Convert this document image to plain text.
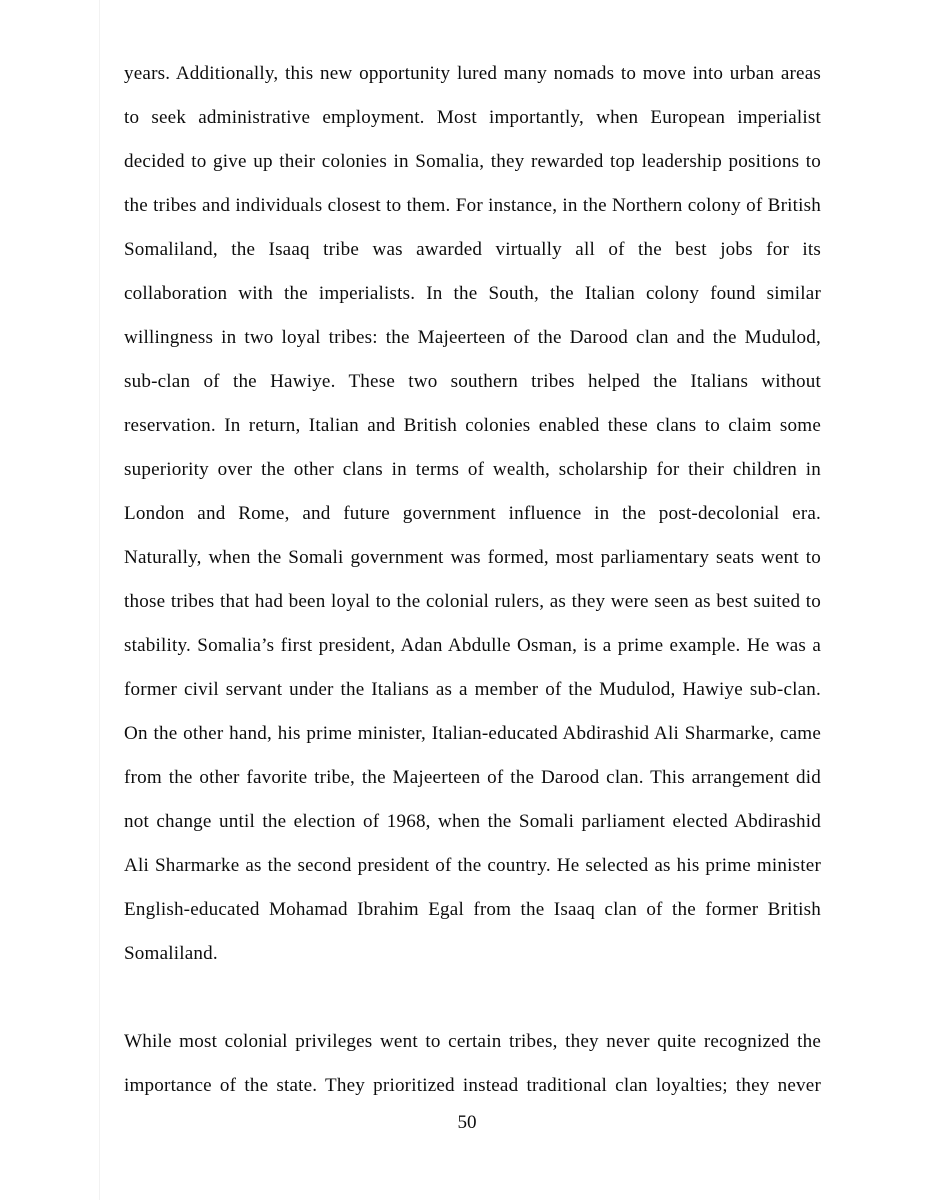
years. Additionally, this new opportunity lured many nomads to move into urban areas to seek administrative employment. Most importantly, when European imperialist decided to give up their colonies in Somalia, they rewarded top leadership positions to the tribes and individuals closest to them. For instance, in the Northern colony of British Somaliland, the Isaaq tribe was awarded virtually all of the best jobs for its collaboration with the imperialists. In the South, the Italian colony found similar willingness in two loyal tribes: the Majeerteen of the Darood clan and the Mudulod, sub-clan of the Hawiye. These two southern tribes helped the Italians without reservation. In return, Italian and British colonies enabled these clans to claim some superiority over the other clans in terms of wealth, scholarship for their children in London and Rome, and future government influence in the post-decolonial era. Naturally, when the Somali government was formed, most parliamentary seats went to those tribes that had been loyal to the colonial rulers, as they were seen as best suited to stability. Somalia’s first president, Adan Abdulle Osman, is a prime example. He was a former civil servant under the Italians as a member of the Mudulod, Hawiye sub-clan. On the other hand, his prime minister, Italian-educated Abdirashid Ali Sharmarke, came from the other favorite tribe, the Majeerteen of the Darood clan. This arrangement did not change until the election of 1968, when the Somali parliament elected Abdirashid Ali Sharmarke as the second president of the country. He selected as his prime minister English-educated Mohamad Ibrahim Egal from the Isaaq clan of the former British Somaliland.

While most colonial privileges went to certain tribes, they never quite recognized the importance of the state. They prioritized instead traditional clan loyalties; they never

50
